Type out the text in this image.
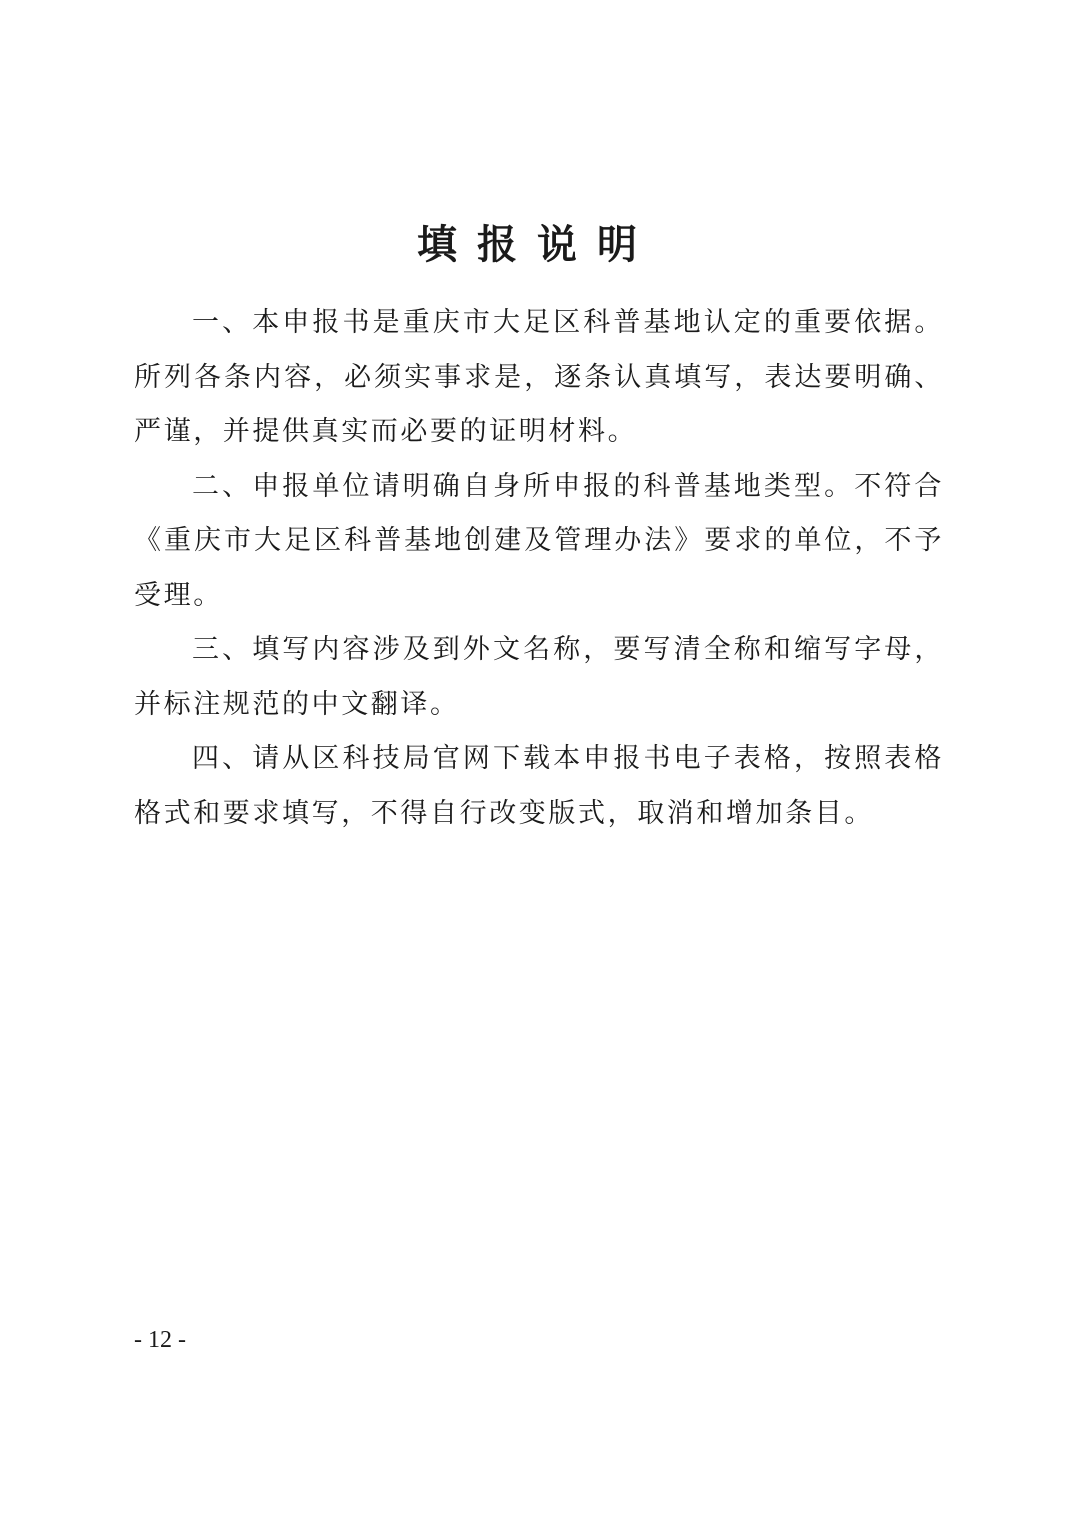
填报说明

一、本申报书是重庆市大足区科普基地认定的重要依据。所列各条内容，必须实事求是，逐条认真填写，表达要明确、严谨，并提供真实而必要的证明材料。

二、申报单位请明确自身所申报的科普基地类型。不符合《重庆市大足区科普基地创建及管理办法》要求的单位，不予受理。

三、填写内容涉及到外文名称，要写清全称和缩写字母，并标注规范的中文翻译。

四、请从区科技局官网下载本申报书电子表格，按照表格格式和要求填写，不得自行改变版式，取消和增加条目。

- 12 -
